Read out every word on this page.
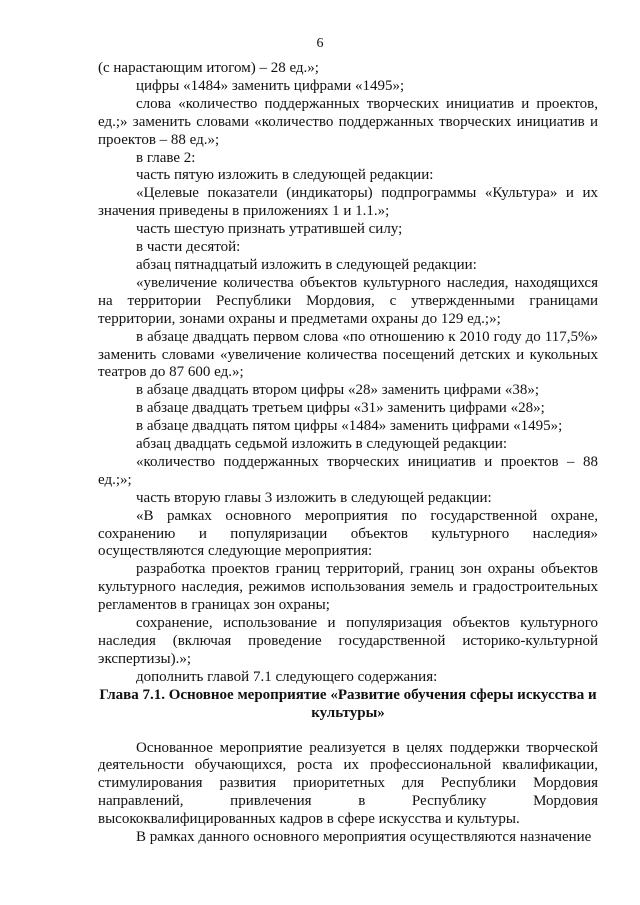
6

(с нарастающим итогом) – 28 ед.»;

цифры «1484» заменить цифрами «1495»;

слова «количество поддержанных творческих инициатив и проектов, ед.;» заменить словами «количество поддержанных творческих инициатив и проектов – 88 ед.»;

в главе 2:

часть пятую изложить в следующей редакции:

«Целевые показатели (индикаторы) подпрограммы «Культура» и их значения приведены в приложениях 1 и 1.1.»;

часть шестую признать утратившей силу;

в части десятой:

абзац пятнадцатый изложить в следующей редакции:

«увеличение количества объектов культурного наследия, находящихся на территории Республики Мордовия, с утвержденными границами территории, зонами охраны и предметами охраны до 129 ед.;»;

в абзаце двадцать первом слова «по отношению к 2010 году до 117,5%» заменить словами «увеличение количества посещений детских и кукольных театров до 87 600 ед.»;

в абзаце двадцать втором цифры «28» заменить цифрами «38»;

в абзаце двадцать третьем цифры «31» заменить цифрами «28»;

в абзаце двадцать пятом цифры «1484» заменить цифрами «1495»;

абзац двадцать седьмой изложить в следующей редакции:

«количество поддержанных творческих инициатив и проектов – 88 ед.;»;

часть вторую главы 3 изложить в следующей редакции:

«В рамках основного мероприятия по государственной охране, сохранению и популяризации объектов культурного наследия» осуществляются следующие мероприятия:

разработка проектов границ территорий, границ зон охраны объектов культурного наследия, режимов использования земель и градостроительных регламентов в границах зон охраны;

сохранение, использование и популяризация объектов культурного наследия (включая проведение государственной историко-культурной экспертизы).»;

дополнить главой 7.1 следующего содержания:

Глава 7.1. Основное мероприятие «Развитие обучения сферы искусства и культуры»

Основанное мероприятие реализуется в целях поддержки творческой деятельности обучающихся, роста их профессиональной квалификации, стимулирования развития приоритетных для Республики Мордовия направлений, привлечения в Республику Мордовия высококвалифицированных кадров в сфере искусства и культуры.

В рамках данного основного мероприятия осуществляются назначение
